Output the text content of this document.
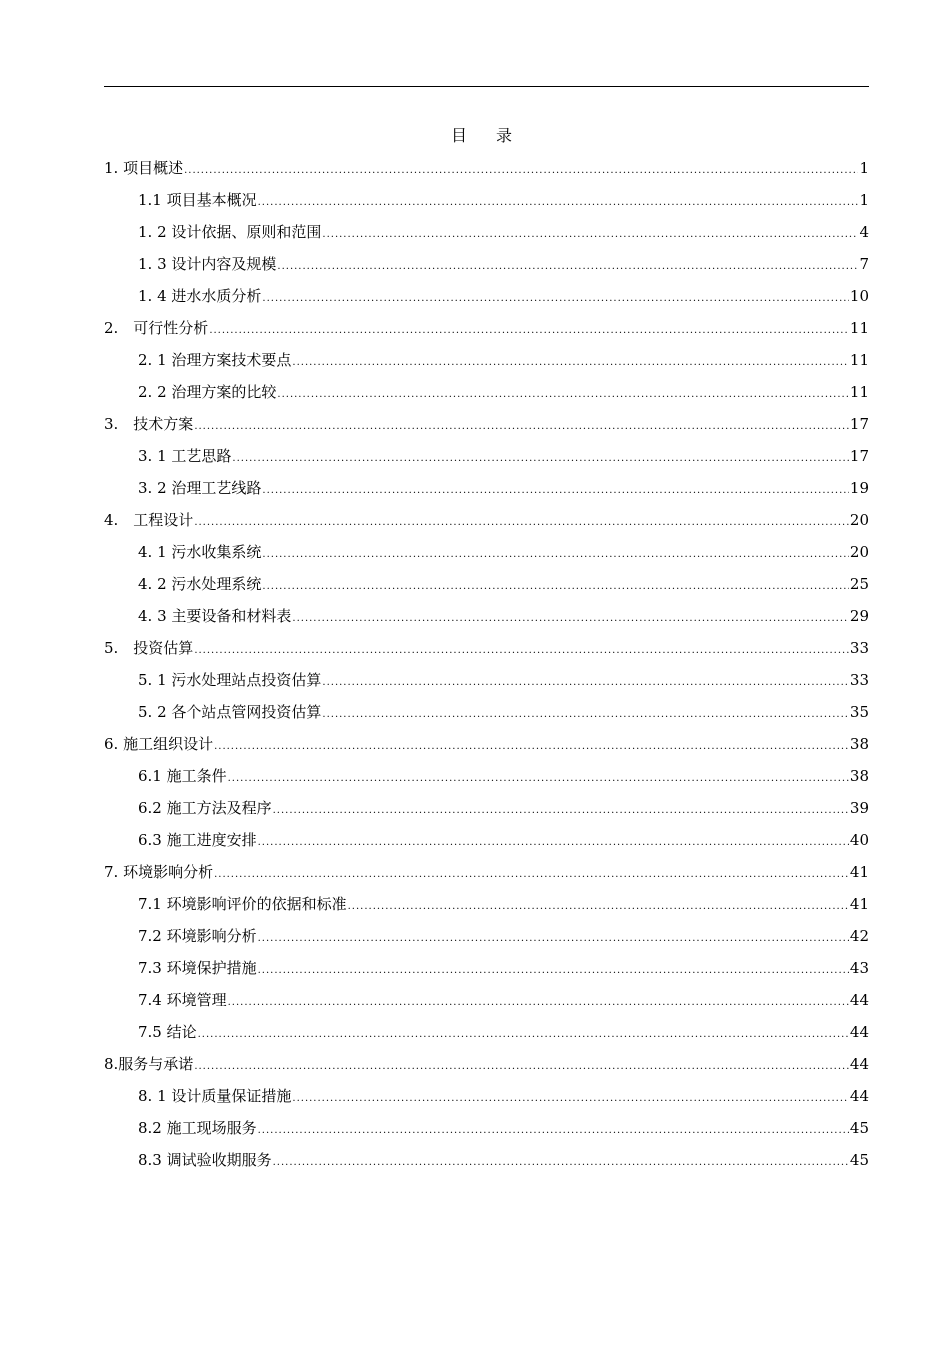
目 录
1. 项目概述 .....	1
1.1 项目基本概况 .....	1
1. 2 设计依据、原则和范围 .....	4
1. 3 设计内容及规模 .....	7
1. 4 进水水质分析 .....	10
2.　可行性分析 .....	11
2. 1 治理方案技术要点 .....	11
2. 2 治理方案的比较 .....	11
3.　技术方案 .....	17
3. 1 工艺思路 .....	17
3. 2 治理工艺线路 .....	19
4.　工程设计 .....	20
4. 1 污水收集系统 .....	20
4. 2 污水处理系统 .....	25
4. 3 主要设备和材料表 .....	29
5.　投资估算 .....	33
5. 1 污水处理站点投资估算 .....	33
5. 2 各个站点管网投资估算 .....	35
6. 施工组织设计 .....	38
6.1 施工条件 .....	38
6.2 施工方法及程序 .....	39
6.3 施工进度安排 .....	40
7. 环境影响分析 .....	41
7.1 环境影响评价的依据和标准 .....	41
7.2 环境影响分析 .....	42
7.3 环境保护措施 .....	43
7.4 环境管理 .....	44
7.5 结论 .....	44
8.服务与承诺 .....	44
8. 1 设计质量保证措施 .....	44
8.2 施工现场服务 .....	45
8.3 调试验收期服务 .....	45
